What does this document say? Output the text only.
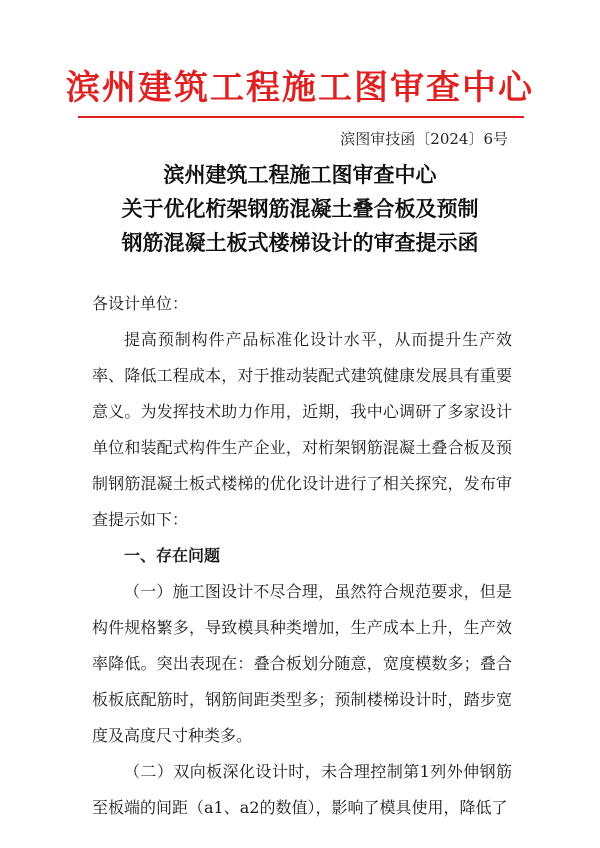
滨州建筑工程施工图审查中心
滨图审技函〔2024〕6号
滨州建筑工程施工图审查中心
关于优化桁架钢筋混凝土叠合板及预制
钢筋混凝土板式楼梯设计的审查提示函

各设计单位：

提高预制构件产品标准化设计水平，从而提升生产效率、降低工程成本，对于推动装配式建筑健康发展具有重要意义。为发挥技术助力作用，近期，我中心调研了多家设计单位和装配式构件生产企业，对桁架钢筋混凝土叠合板及预制钢筋混凝土板式楼梯的优化设计进行了相关探究，发布审查提示如下：

一、存在问题

（一）施工图设计不尽合理，虽然符合规范要求，但是构件规格繁多，导致模具种类增加，生产成本上升，生产效率降低。突出表现在：叠合板划分随意，宽度模数多；叠合板板底配筋时，钢筋间距类型多；预制楼梯设计时，踏步宽度及高度尺寸种类多。

（二）双向板深化设计时，未合理控制第1列外伸钢筋至板端的间距（a1、a2的数值），影响了模具使用，降低了
